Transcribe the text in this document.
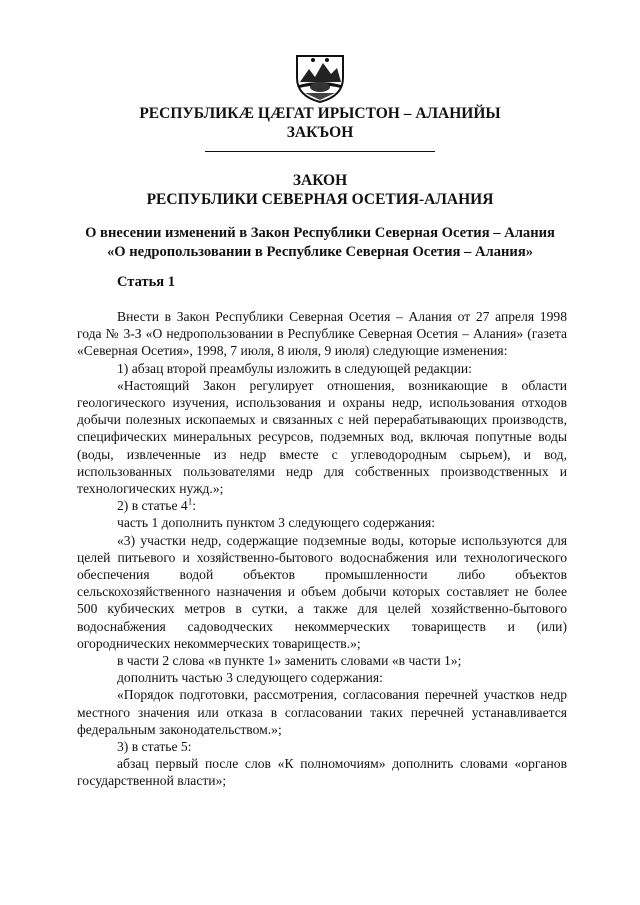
РЕСПУБЛИКӔ ЦӔГАТ ИРЫСТОН – АЛАНИЙЫ
ЗАКЪОН
ЗАКОН
РЕСПУБЛИКИ СЕВЕРНАЯ ОСЕТИЯ-АЛАНИЯ
О внесении изменений в Закон Республики Северная Осетия – Алания
«О недропользовании в Республике Северная Осетия – Алания»
Статья 1

Внести в Закон Республики Северная Осетия – Алания от 27 апреля 1998 года № 3-З «О недропользовании в Республике Северная Осетия – Алания» (газета «Северная Осетия», 1998, 7 июля, 8 июля, 9 июля) следующие изменения:

1) абзац второй преамбулы изложить в следующей редакции:

«Настоящий Закон регулирует отношения, возникающие в области геологического изучения, использования и охраны недр, использования отходов добычи полезных ископаемых и связанных с ней перерабатывающих производств, специфических минеральных ресурсов, подземных вод, включая попутные воды (воды, извлеченные из недр вместе с углеводородным сырьем), и вод, использованных пользователями недр для собственных производственных и технологических нужд.»;

2) в статье $4^1$:

часть 1 дополнить пунктом 3 следующего содержания:

«3) участки недр, содержащие подземные воды, которые используются для целей питьевого и хозяйственно-бытового водоснабжения или технологического обеспечения водой объектов промышленности либо объектов сельскохозяйственного назначения и объем добычи которых составляет не более 500 кубических метров в сутки, а также для целей хозяйственно-бытового водоснабжения садоводческих некоммерческих товариществ и (или) огороднических некоммерческих товариществ.»;

в части 2 слова «в пункте 1» заменить словами «в части 1»;

дополнить частью 3 следующего содержания:

«Порядок подготовки, рассмотрения, согласования перечней участков недр местного значения или отказа в согласовании таких перечней устанавливается федеральным законодательством.»;

3) в статье 5:

абзац первый после слов «К полномочиям» дополнить словами «органов государственной власти»;
